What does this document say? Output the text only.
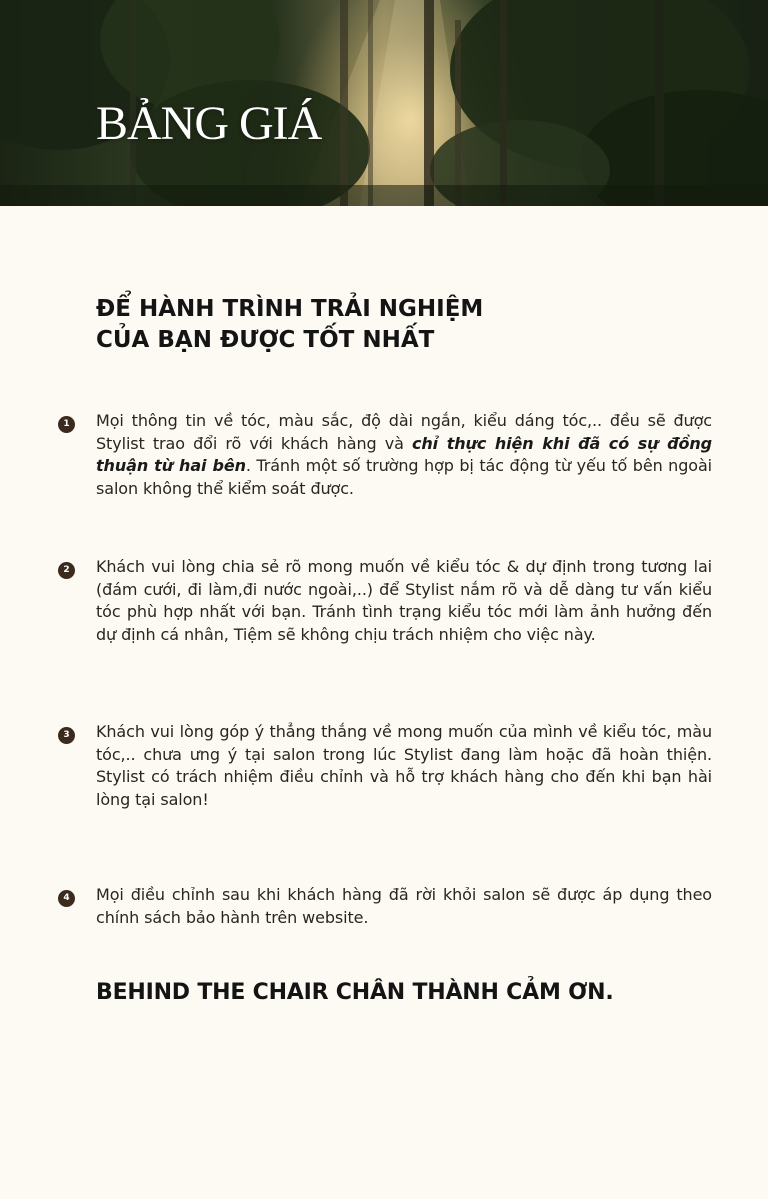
BẢNG GIÁ
ĐỂ HÀNH TRÌNH TRẢI NGHIỆM
CỦA BẠN ĐƯỢC TỐT NHẤT
1	Mọi thông tin về tóc, màu sắc, độ dài ngắn, kiểu dáng tóc,.. đều sẽ được Stylist trao đổi rõ với khách hàng và chỉ thực hiện khi đã có sự đồng thuận từ hai bên. Tránh một số trường hợp bị tác động từ yếu tố bên ngoài salon không thể kiểm soát được.
2	Khách vui lòng chia sẻ rõ mong muốn về kiểu tóc & dự định trong tương lai (đám cưới, đi làm,đi nước ngoài,..) để Stylist nắm rõ và dễ dàng tư vấn kiểu tóc phù hợp nhất với bạn. Tránh tình trạng kiểu tóc mới làm ảnh hưởng đến dự định cá nhân, Tiệm sẽ không chịu trách nhiệm cho việc này.
3	Khách vui lòng góp ý thẳng thắng về mong muốn của mình về kiểu tóc, màu tóc,.. chưa ưng ý tại salon trong lúc Stylist đang làm hoặc đã hoàn thiện. Stylist có trách nhiệm điều chỉnh và hỗ trợ khách hàng cho đến khi bạn hài lòng tại salon!
4	Mọi điều chỉnh sau khi khách hàng đã rời khỏi salon sẽ được áp dụng theo chính sách bảo hành trên website.
BEHIND THE CHAIR CHÂN THÀNH CẢM ƠN.
